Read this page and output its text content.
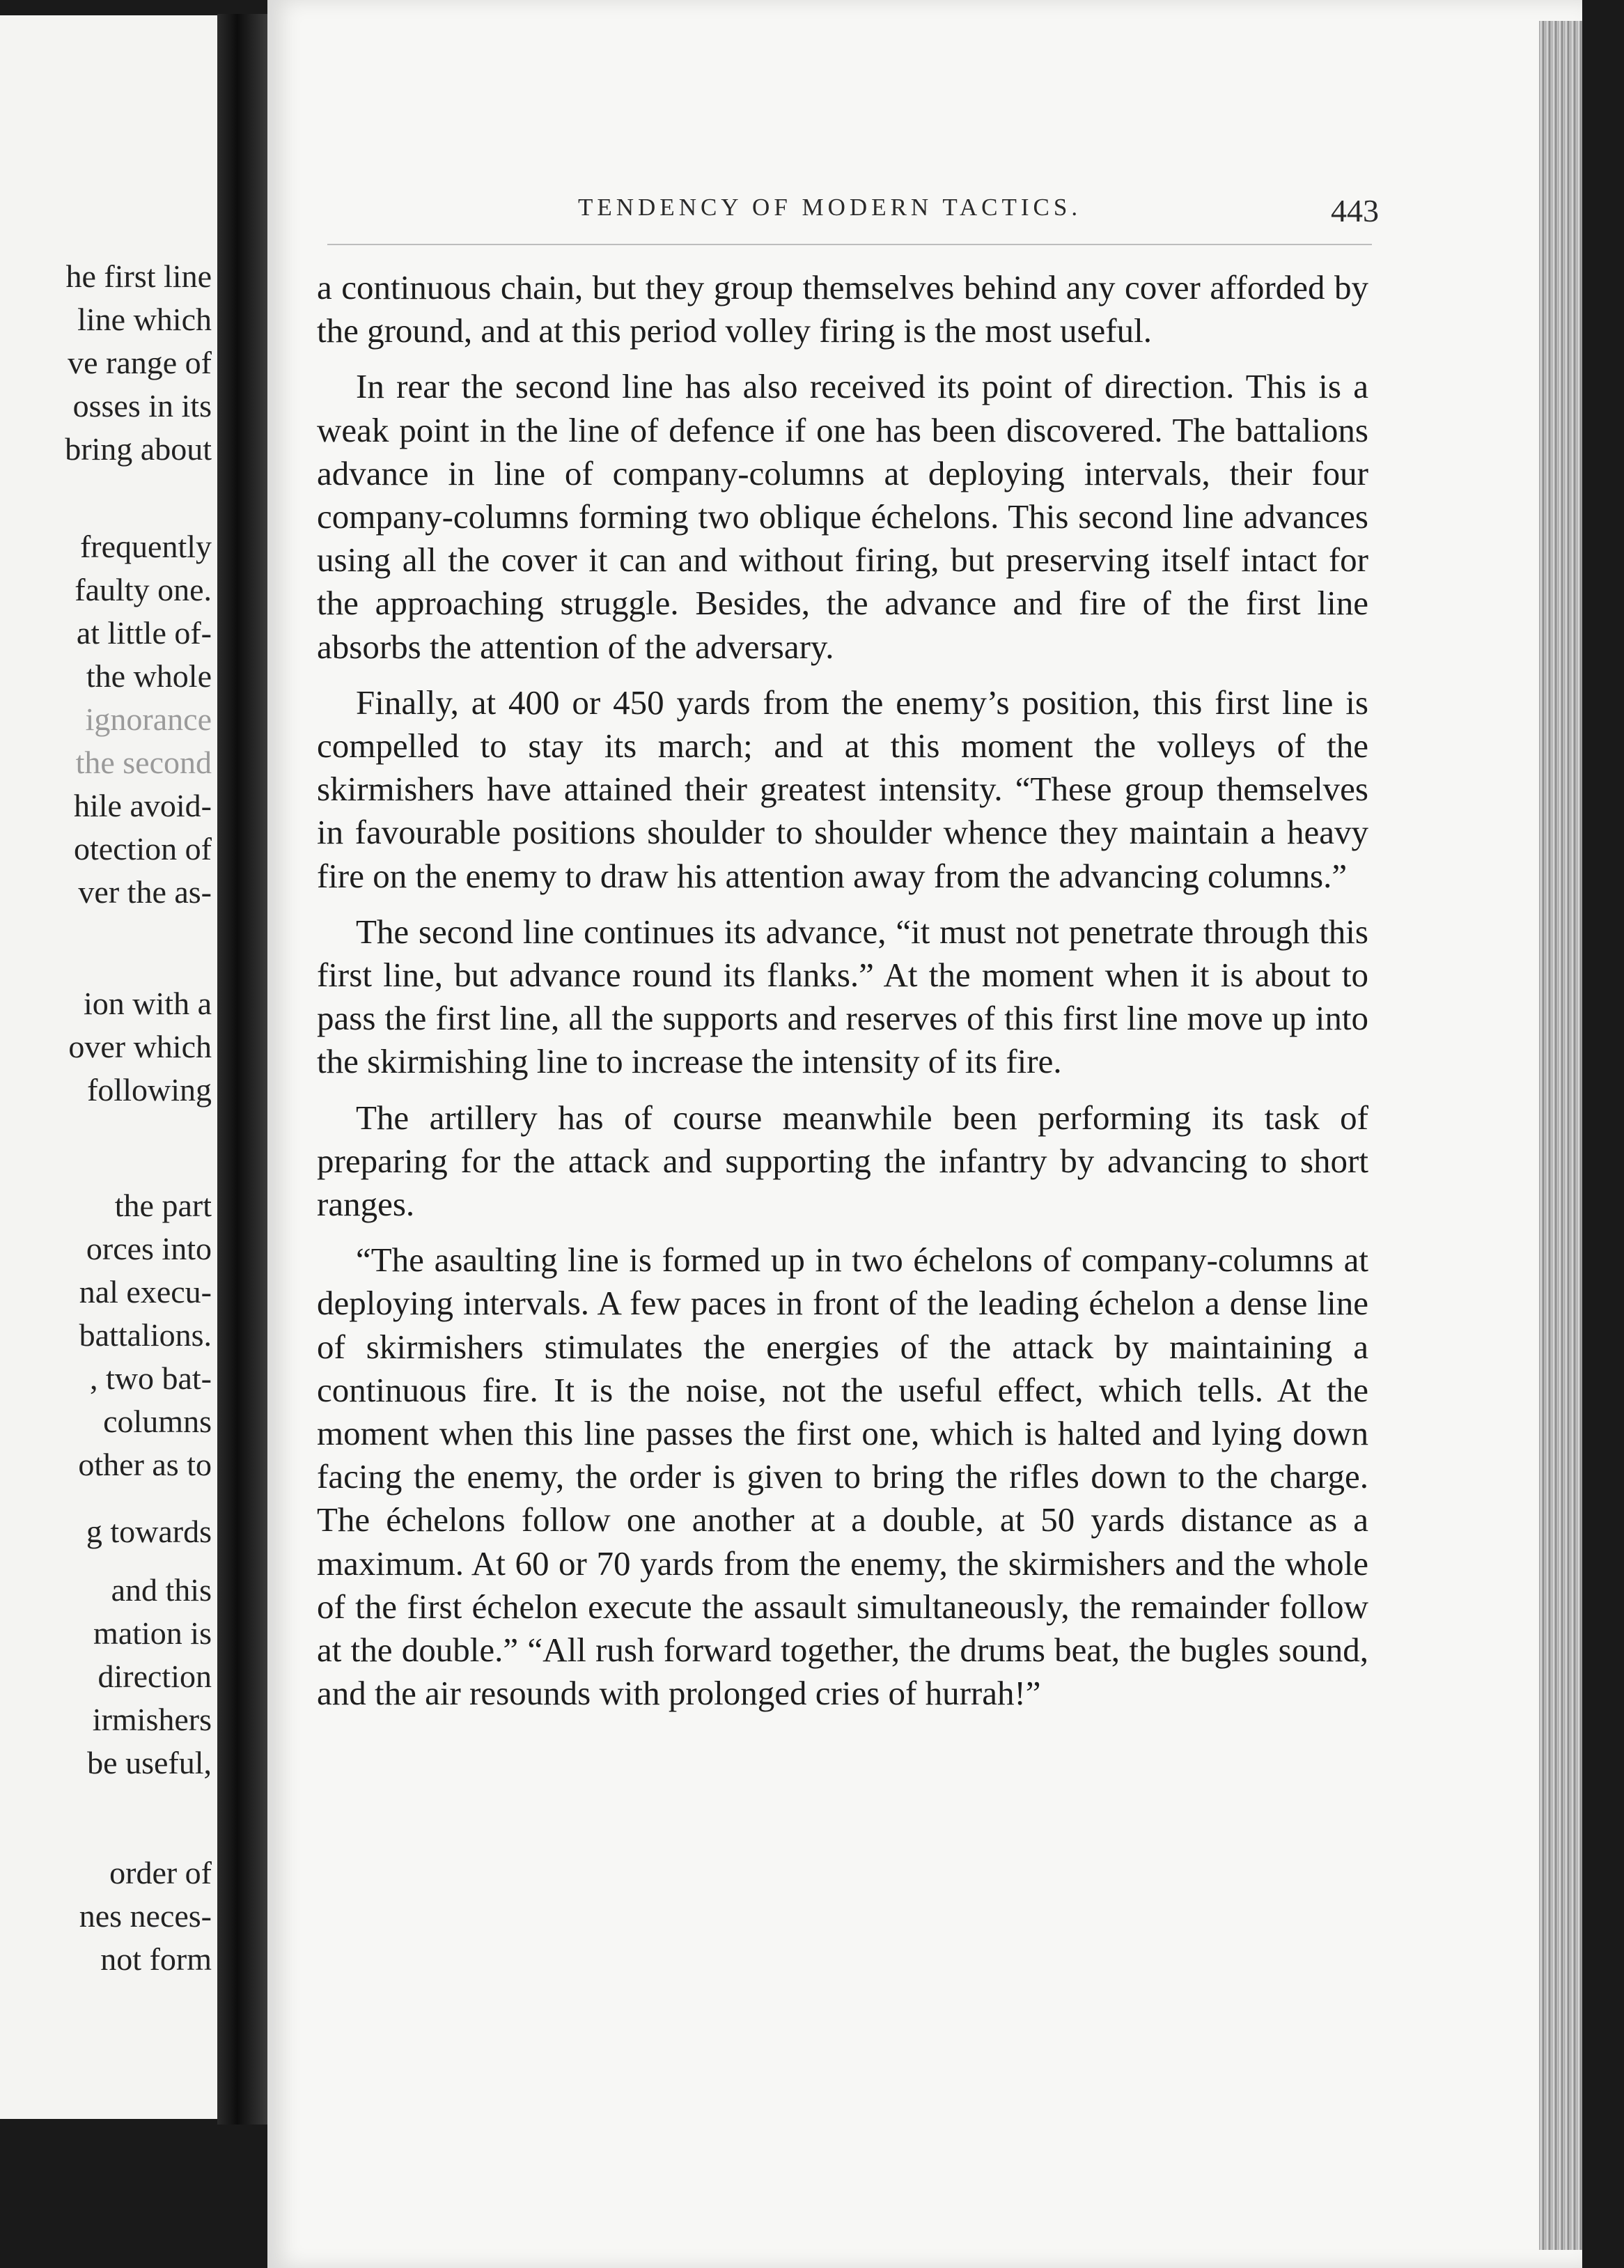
he first line
line which
ve range of
osses in its
bring about
frequently
faulty one.
at little of-
the whole
ignorance
the second
hile avoid-
otection of
ver the as-
ion with a
over which
following
the part
orces into
nal execu-
battalions.
, two bat-
columns
other as to
g towards
and this
mation is
direction
irmishers
be useful,
order of
nes neces-
not form
TENDENCY OF MODERN TACTICS.	443

a continuous chain, but they group themselves behind any cover afforded by the ground, and at this period volley firing is the most useful.

In rear the second line has also received its point of direction. This is a weak point in the line of defence if one has been discovered. The battalions advance in line of company-columns at deploying intervals, their four company-columns forming two oblique échelons. This second line advances using all the cover it can and without firing, but preserving itself intact for the approaching struggle. Besides, the advance and fire of the first line absorbs the attention of the adversary.

Finally, at 400 or 450 yards from the enemy’s position, this first line is compelled to stay its march; and at this moment the volleys of the skirmishers have attained their greatest intensity. “These group themselves in favourable positions shoulder to shoulder whence they maintain a heavy fire on the enemy to draw his attention away from the advancing columns.”

The second line continues its advance, “it must not penetrate through this first line, but advance round its flanks.” At the moment when it is about to pass the first line, all the supports and reserves of this first line move up into the skirmishing line to increase the intensity of its fire.

The artillery has of course meanwhile been performing its task of preparing for the attack and supporting the infantry by advancing to short ranges.

“The asaulting line is formed up in two échelons of company-columns at deploying intervals. A few paces in front of the leading échelon a dense line of skirmishers stimulates the energies of the attack by maintaining a continuous fire. It is the noise, not the useful effect, which tells. At the moment when this line passes the first one, which is halted and lying down facing the enemy, the order is given to bring the rifles down to the charge. The échelons follow one another at a double, at 50 yards distance as a maximum. At 60 or 70 yards from the enemy, the skirmishers and the whole of the first échelon execute the assault simultaneously, the remainder follow at the double.” “All rush forward together, the drums beat, the bugles sound, and the air resounds with prolonged cries of hurrah!”
